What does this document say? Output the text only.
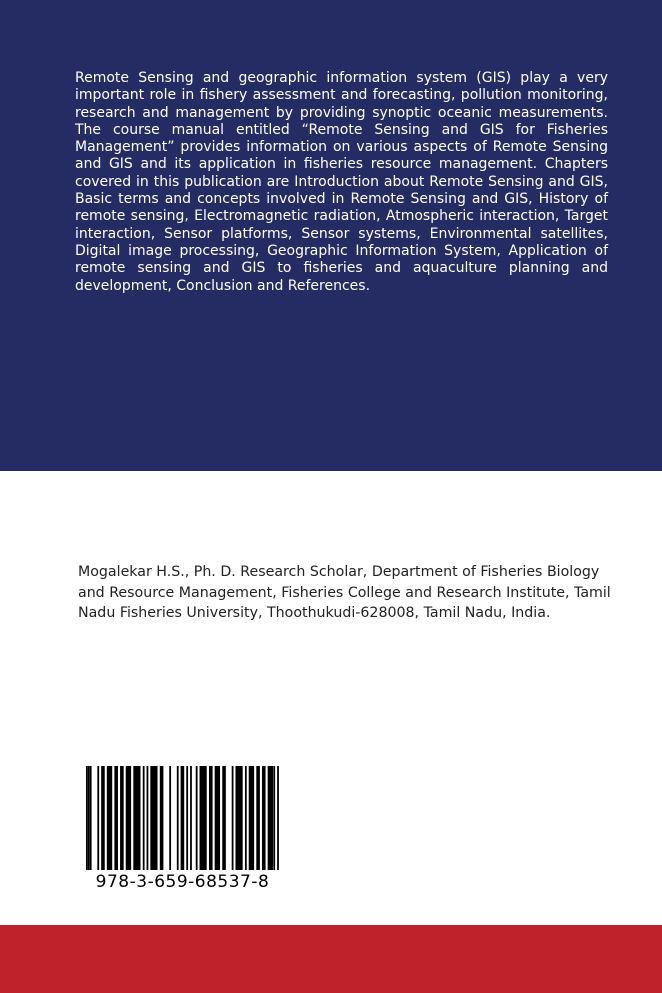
Remote Sensing and geographic information system (GIS) play a very important role in fishery assessment and forecasting, pollution monitoring, research and management by providing synoptic oceanic measurements. The course manual entitled “Remote Sensing and GIS for Fisheries Management” provides information on various aspects of Remote Sensing and GIS and its application in fisheries resource management. Chapters covered in this publication are Introduction about Remote Sensing and GIS, Basic terms and concepts involved in Remote Sensing and GIS, History of remote sensing, Electromagnetic radiation, Atmospheric interaction, Target interaction, Sensor platforms, Sensor systems, Environmental satellites, Digital image processing, Geographic Information System, Application of remote sensing and GIS to fisheries and aquaculture planning and development, Conclusion and References.

Mogalekar H.S., Ph. D. Research Scholar, Department of Fisheries Biology and Resource Management, Fisheries College and Research Institute, Tamil Nadu Fisheries University, Thoothukudi-628008, Tamil Nadu, India.

978-3-659-68537-8
